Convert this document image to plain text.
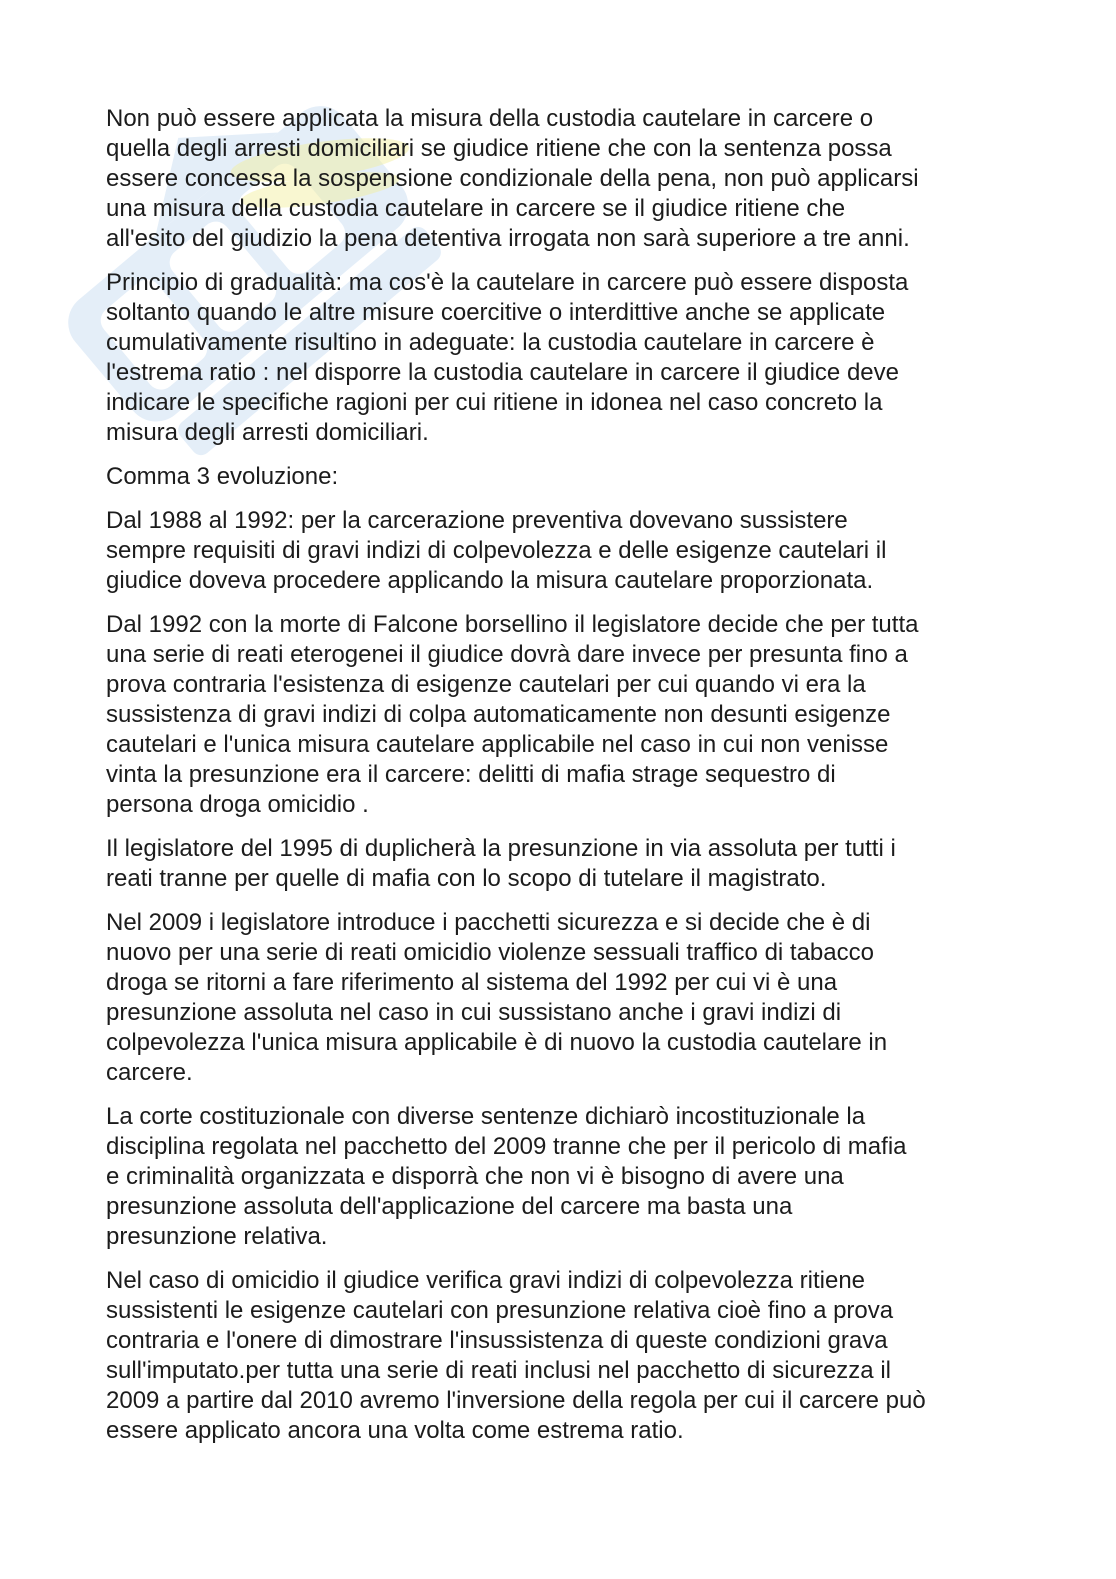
Non può essere applicata la misura della custodia cautelare in carcere o
quella degli arresti domiciliari se giudice ritiene che con la sentenza possa
essere concessa la sospensione condizionale della pena, non può applicarsi
una misura della custodia cautelare in carcere se il giudice ritiene che
all'esito del giudizio la pena detentiva irrogata non sarà superiore a tre anni.

Principio di gradualità: ma cos'è la cautelare in carcere può essere disposta
soltanto quando le altre misure coercitive o interdittive anche se applicate
cumulativamente risultino in adeguate: la custodia cautelare in carcere è
l'estrema ratio : nel disporre la custodia cautelare in carcere il giudice deve
indicare le specifiche ragioni per cui ritiene in idonea nel caso concreto la
misura degli arresti domiciliari.

Comma 3 evoluzione:

Dal 1988 al 1992: per la carcerazione preventiva dovevano sussistere
sempre requisiti di gravi indizi di colpevolezza e delle esigenze cautelari il
giudice doveva procedere applicando la misura cautelare proporzionata.

Dal 1992 con la morte di Falcone borsellino il legislatore decide che per tutta
una serie di reati eterogenei il giudice dovrà dare invece per presunta fino a
prova contraria l'esistenza di esigenze cautelari per cui quando vi era la
sussistenza di gravi indizi di colpa automaticamente non desunti esigenze
cautelari e l'unica misura cautelare applicabile nel caso in cui non venisse
vinta la presunzione era il carcere: delitti di mafia strage sequestro di
persona droga omicidio .

Il legislatore del 1995 di duplicherà la presunzione in via assoluta per tutti i
reati tranne per quelle di mafia con lo scopo di tutelare il magistrato.

Nel 2009 i legislatore introduce i pacchetti sicurezza e si decide che è di
nuovo per una serie di reati omicidio violenze sessuali traffico di tabacco
droga se ritorni a fare riferimento al sistema del 1992 per cui vi è una
presunzione assoluta nel caso in cui sussistano anche i gravi indizi di
colpevolezza l'unica misura applicabile è di nuovo la custodia cautelare in
carcere.

La corte costituzionale con diverse sentenze dichiarò incostituzionale la
disciplina regolata nel pacchetto del 2009 tranne che per il pericolo di mafia
e criminalità organizzata e disporrà che non vi è bisogno di avere una
presunzione assoluta dell'applicazione del carcere ma basta una
presunzione relativa.

Nel caso di omicidio il giudice verifica gravi indizi di colpevolezza ritiene
sussistenti le esigenze cautelari con presunzione relativa cioè fino a prova
contraria e l'onere di dimostrare l'insussistenza di queste condizioni grava
sull'imputato.per tutta una serie di reati inclusi nel pacchetto di sicurezza il
2009 a partire dal 2010 avremo l'inversione della regola per cui il carcere può
essere applicato ancora una volta come estrema ratio.
